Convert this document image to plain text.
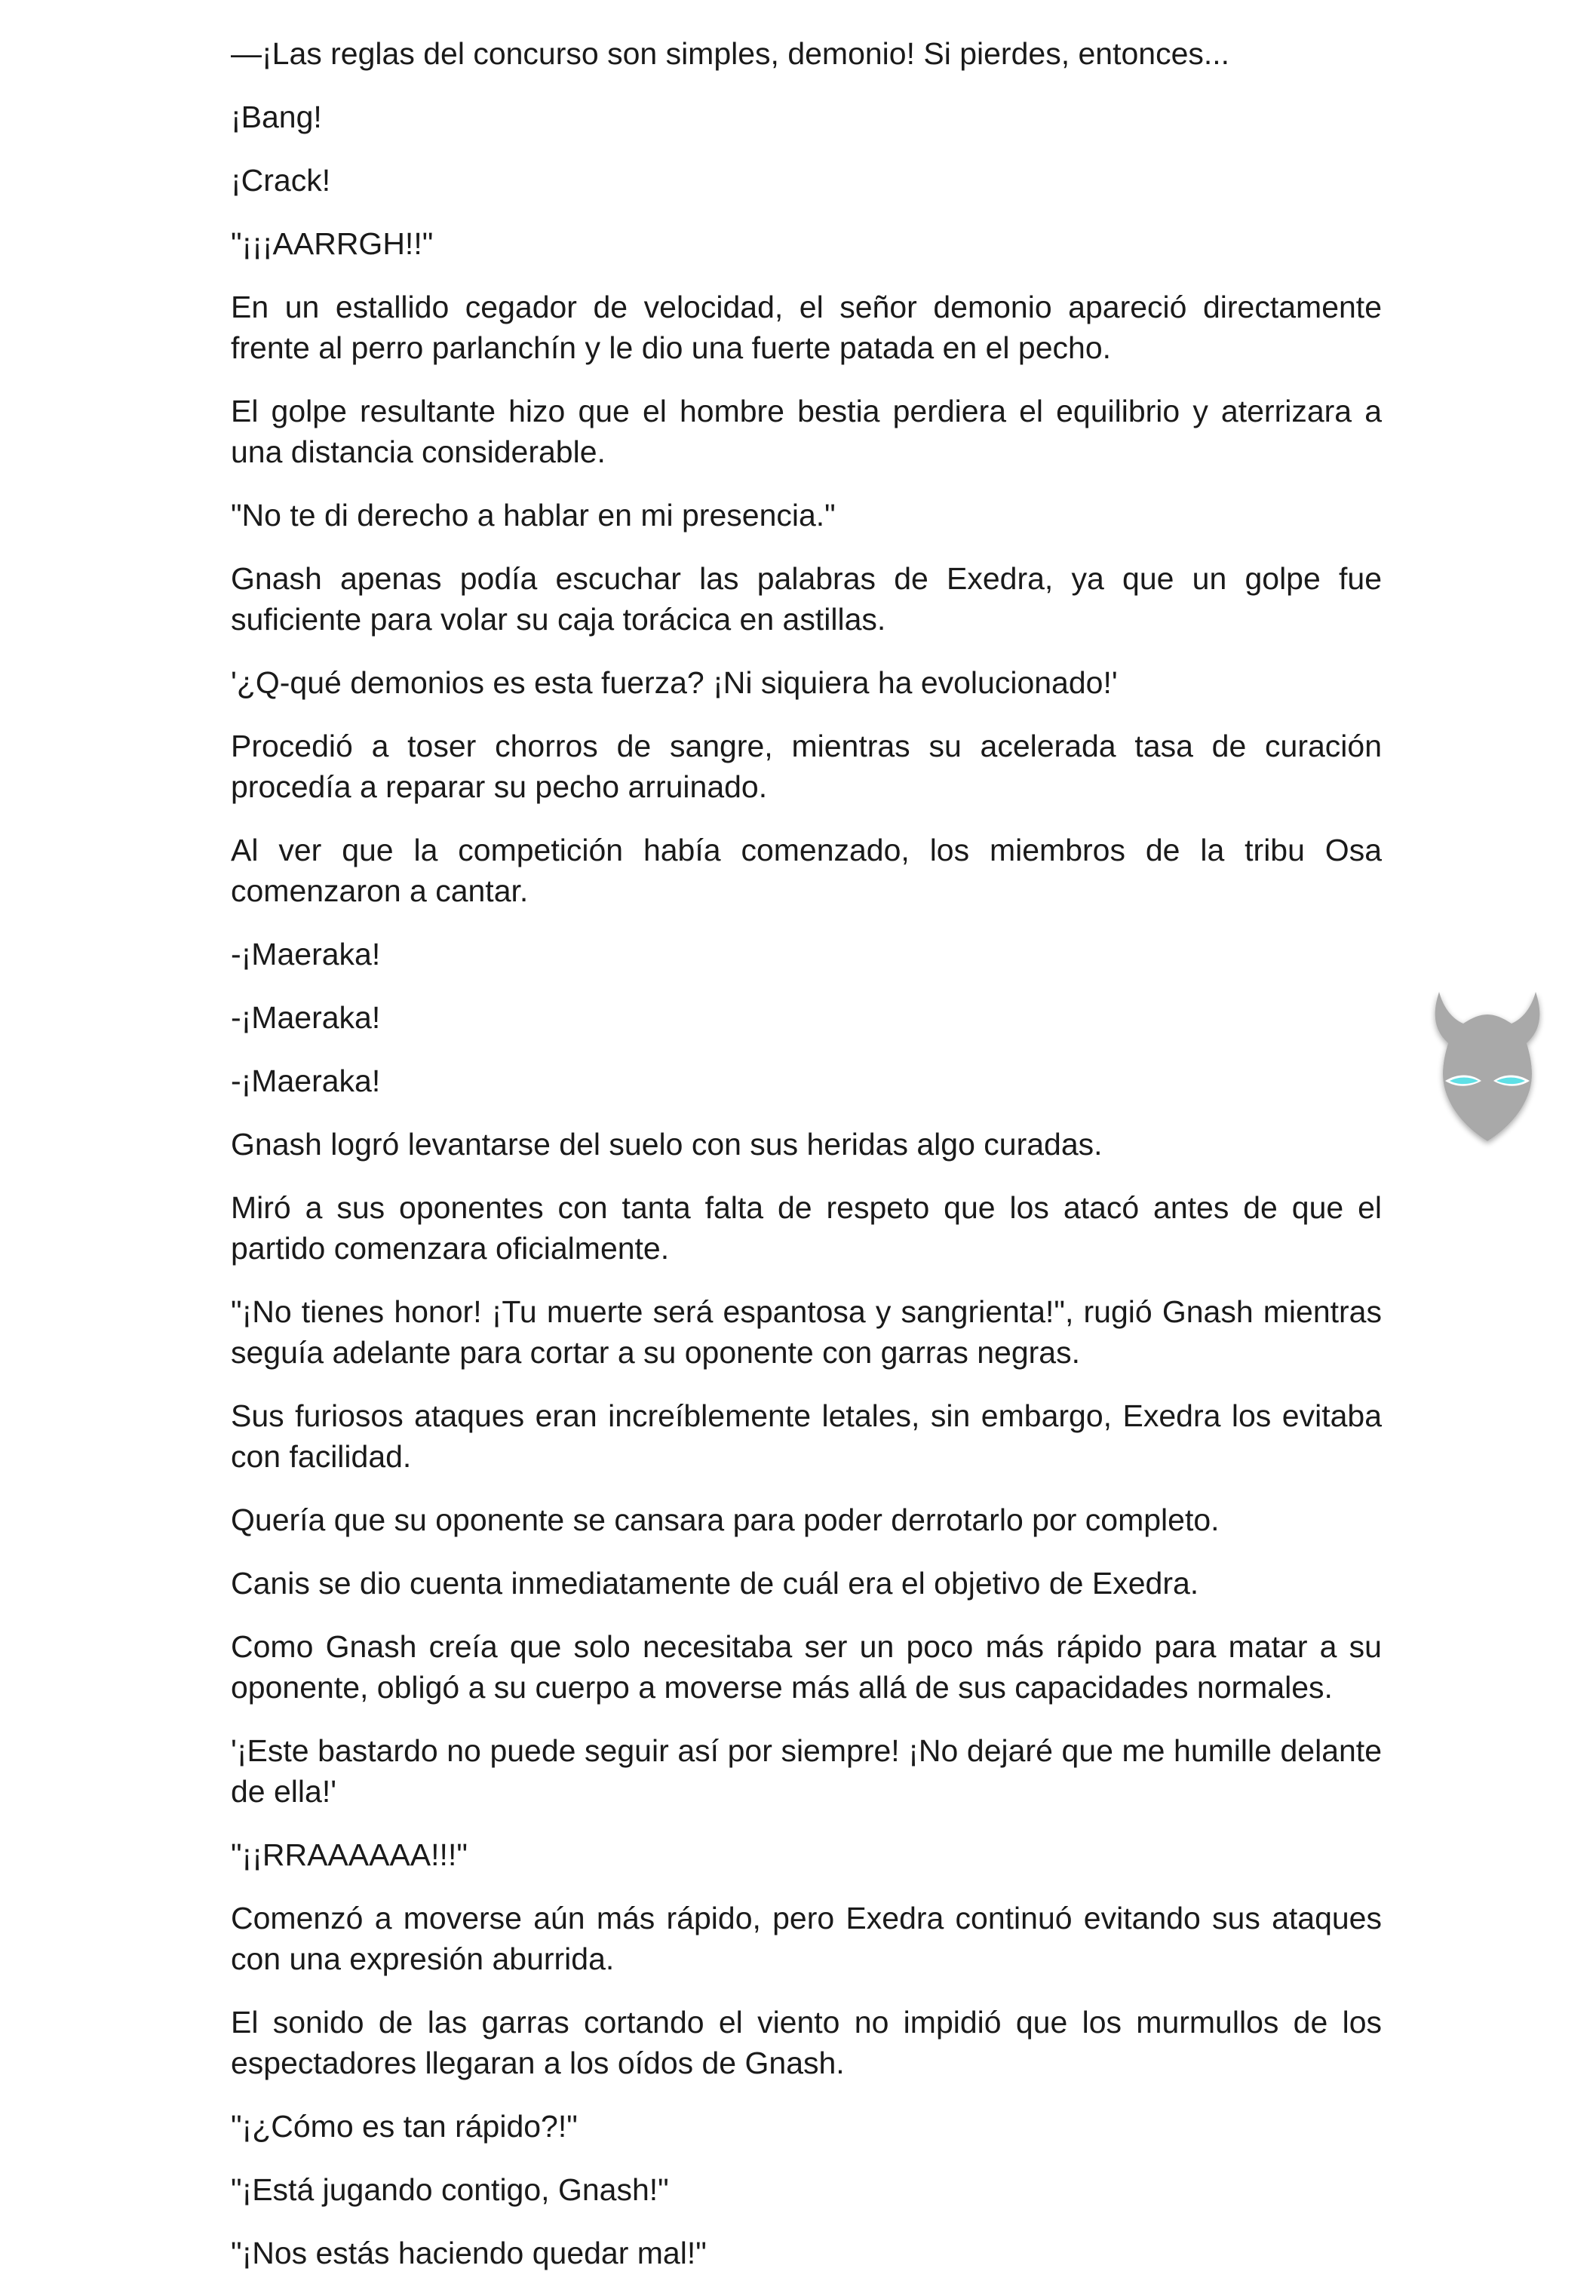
—¡Las reglas del concurso son simples, demonio! Si pierdes, entonces...

¡Bang!

¡Crack!

"¡¡¡AARRGH!!"

En un estallido cegador de velocidad, el señor demonio apareció directamente frente al perro parlanchín y le dio una fuerte patada en el pecho.

El golpe resultante hizo que el hombre bestia perdiera el equilibrio y aterrizara a una distancia considerable.

"No te di derecho a hablar en mi presencia."

Gnash apenas podía escuchar las palabras de Exedra, ya que un golpe fue suficiente para volar su caja torácica en astillas.

'¿Q-qué demonios es esta fuerza? ¡Ni siquiera ha evolucionado!'

Procedió a toser chorros de sangre, mientras su acelerada tasa de curación procedía a reparar su pecho arruinado.

Al ver que la competición había comenzado, los miembros de la tribu Osa comenzaron a cantar.

-¡Maeraka!

-¡Maeraka!

-¡Maeraka!

Gnash logró levantarse del suelo con sus heridas algo curadas.

Miró a sus oponentes con tanta falta de respeto que los atacó antes de que el partido comenzara oficialmente.

"¡No tienes honor! ¡Tu muerte será espantosa y sangrienta!", rugió Gnash mientras seguía adelante para cortar a su oponente con garras negras.

Sus furiosos ataques eran increíblemente letales, sin embargo, Exedra los evitaba con facilidad.

Quería que su oponente se cansara para poder derrotarlo por completo.

Canis se dio cuenta inmediatamente de cuál era el objetivo de Exedra.

Como Gnash creía que solo necesitaba ser un poco más rápido para matar a su oponente, obligó a su cuerpo a moverse más allá de sus capacidades normales.

'¡Este bastardo no puede seguir así por siempre! ¡No dejaré que me humille delante de ella!'

"¡¡RRAAAAAA!!!"

Comenzó a moverse aún más rápido, pero Exedra continuó evitando sus ataques con una expresión aburrida.

El sonido de las garras cortando el viento no impidió que los murmullos de los espectadores llegaran a los oídos de Gnash.

"¡¿Cómo es tan rápido?!"

"¡Está jugando contigo, Gnash!"

"¡Nos estás haciendo quedar mal!"
